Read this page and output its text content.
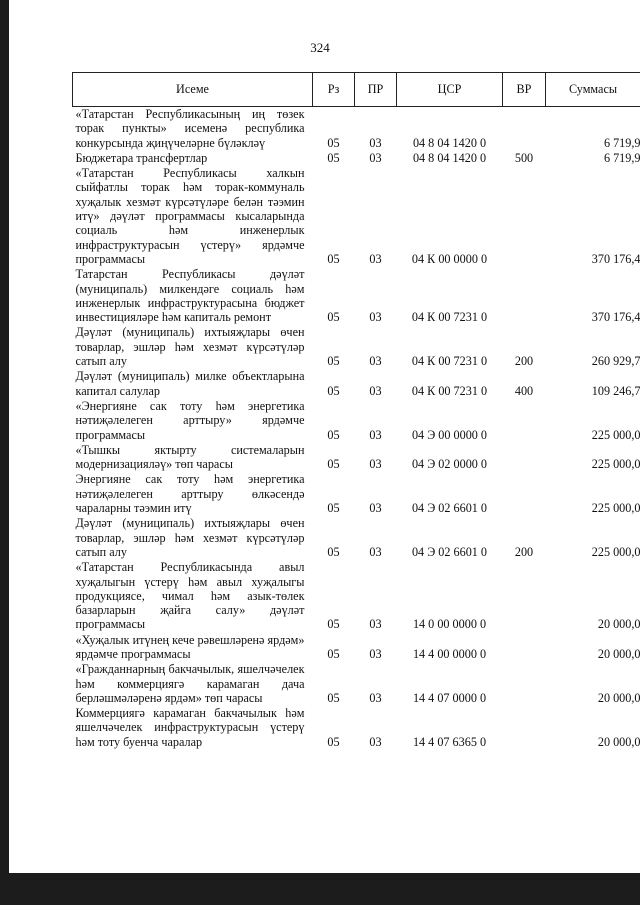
324
Исеме	Рз	ПР	ЦСР	ВР	Суммасы
«Татарстан Республикасының иң төзек торак пункты» исеменә республика конкурсында җиңүчеләрне бүләкләү	05	03	04 8 04 1420 0		6 719,9
Бюджетара трансфертлар	05	03	04 8 04 1420 0	500	6 719,9
«Татарстан Республикасы халкын сыйфатлы торак һәм торак-коммуналь хуҗалык хезмәт күрсәтүләре белән тәэмин итү» дәүләт программасы кысаларында социаль һәм инженерлык инфраструктурасын үстерү» ярдәмче программасы	05	03	04 К 00 0000 0		370 176,4
Татарстан Республикасы дәүләт (муниципаль) милкендәге социаль һәм инженерлык инфраструктурасына бюджет инвестицияләре һәм капиталь ремонт	05	03	04 К 00 7231 0		370 176,4
Дәүләт (муниципаль) ихтыяҗлары өчен товарлар, эшләр һәм хезмәт күрсәтүләр сатып алу	05	03	04 К 00 7231 0	200	260 929,7
Дәүләт (муниципаль) милке объектларына капитал салулар	05	03	04 К 00 7231 0	400	109 246,7
«Энергияне сак тоту һәм энергетика нәтиҗәлелеген арттыру» ярдәмче программасы	05	03	04 Э 00 0000 0		225 000,0
«Тышкы яктырту системаларын модернизацияләү» төп чарасы	05	03	04 Э 02 0000 0		225 000,0
Энергияне сак тоту һәм энергетика нәтиҗәлелеген арттыру өлкәсендә чараларны тәэмин итү	05	03	04 Э 02 6601 0		225 000,0
Дәүләт (муниципаль) ихтыяҗлары өчен товарлар, эшләр һәм хезмәт күрсәтүләр сатып алу	05	03	04 Э 02 6601 0	200	225 000,0
«Татарстан Республикасында авыл хуҗалыгын үстерү һәм авыл хуҗалыгы продукциясе, чимал һәм азык-төлек базарларын җайга салу» дәүләт программасы	05	03	14 0 00 0000 0		20 000,0
«Хуҗалык итүнең кече рәвешләренә ярдәм» ярдәмче программасы	05	03	14 4 00 0000 0		20 000,0
«Гражданнарның бакчачылык, яшелчәчелек һәм коммерциягә карамаган дача берләшмәләренә ярдәм» төп чарасы	05	03	14 4 07 0000 0		20 000,0
Коммерциягә карамаган бакчачылык һәм яшелчәчелек инфраструктурасын үстерү һәм тоту буенча чаралар	05	03	14 4 07 6365 0		20 000,0
